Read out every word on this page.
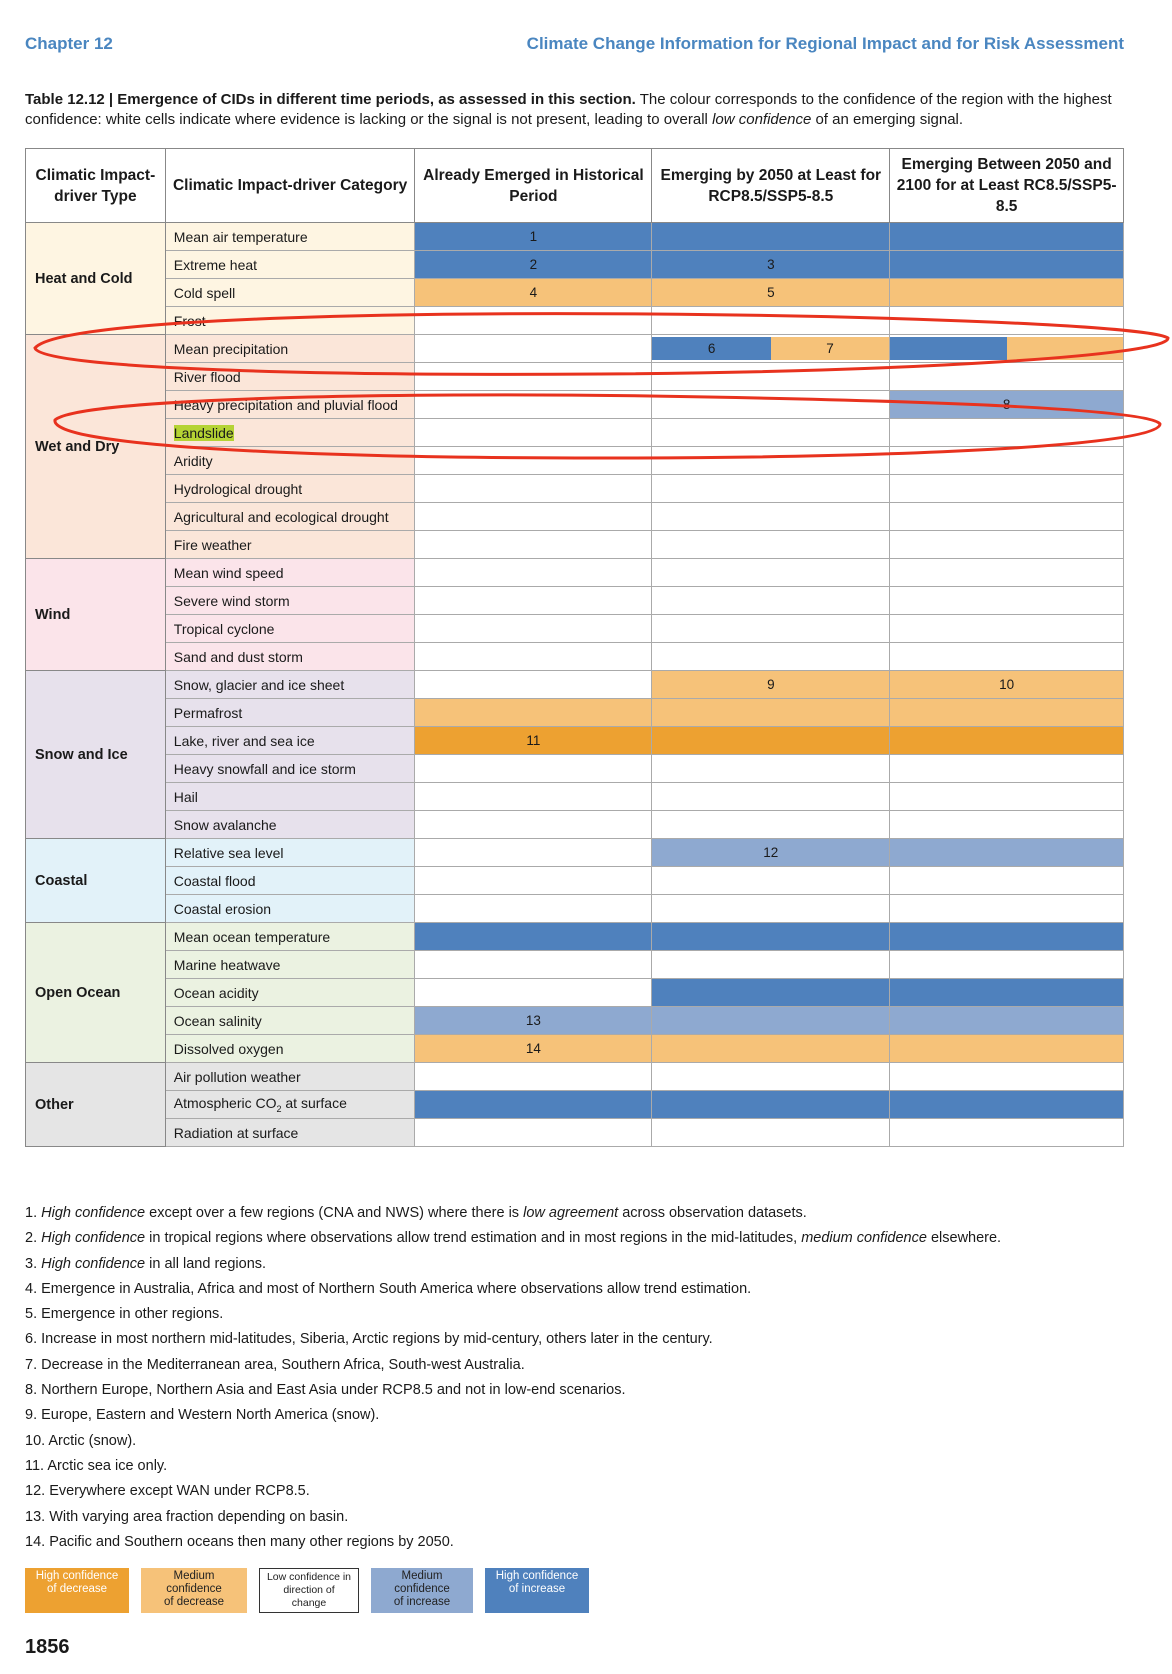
Chapter 12	Climate Change Information for Regional Impact and for Risk Assessment
Table 12.12 | Emergence of CIDs in different time periods, as assessed in this section. The colour corresponds to the confidence of the region with the highest confidence: white cells indicate where evidence is lacking or the signal is not present, leading to overall low confidence of an emerging signal.
Climatic Impact-driver Type	Climatic Impact-driver Category	Already Emerged in Historical Period	Emerging by 2050 at Least for RCP8.5/SSP5-8.5	Emerging Between 2050 and 2100 for at Least RC8.5/SSP5-8.5
Heat and Cold	Mean air temperature	1		
	Extreme heat	2	3	
	Cold spell	4	5	
	Frost			
Wet and Dry	Mean precipitation		6 7	

	River flood			
	Heavy precipitation and pluvial flood			8
	Landslide			
	Aridity			
	Hydrological drought			
	Agricultural and ecological drought			
	Fire weather			
Wind	Mean wind speed			
	Severe wind storm			
	Tropical cyclone			
	Sand and dust storm			
Snow and Ice	Snow, glacier and ice sheet		9	10
	Permafrost			
	Lake, river and sea ice	11		
	Heavy snowfall and ice storm			
	Hail			
	Snow avalanche			
Coastal	Relative sea level		12	
	Coastal flood			
	Coastal erosion			
Open Ocean	Mean ocean temperature			
	Marine heatwave			
	Ocean acidity			
	Ocean salinity	13		
	Dissolved oxygen	14		
Other	Air pollution weather			
	Atmospheric $CO_2$ at surface			
	Radiation at surface			
1. High confidence except over a few regions (CNA and NWS) where there is low agreement across observation datasets.
2. High confidence in tropical regions where observations allow trend estimation and in most regions in the mid-latitudes, medium confidence elsewhere.
3. High confidence in all land regions.
4. Emergence in Australia, Africa and most of Northern South America where observations allow trend estimation.
5. Emergence in other regions.
6. Increase in most northern mid-latitudes, Siberia, Arctic regions by mid-century, others later in the century.
7. Decrease in the Mediterranean area, Southern Africa, South-west Australia.
8. Northern Europe, Northern Asia and East Asia under RCP8.5 and not in low-end scenarios.
9. Europe, Eastern and Western North America (snow).
10. Arctic (snow).
11. Arctic sea ice only.
12. Everywhere except WAN under RCP8.5.
13. With varying area fraction depending on basin.
14. Pacific and Southern oceans then many other regions by 2050.
High confidence
of decrease
Medium confidence
of decrease
Low confidence in
direction of change
Medium confidence
of increase
High confidence
of increase
1856
